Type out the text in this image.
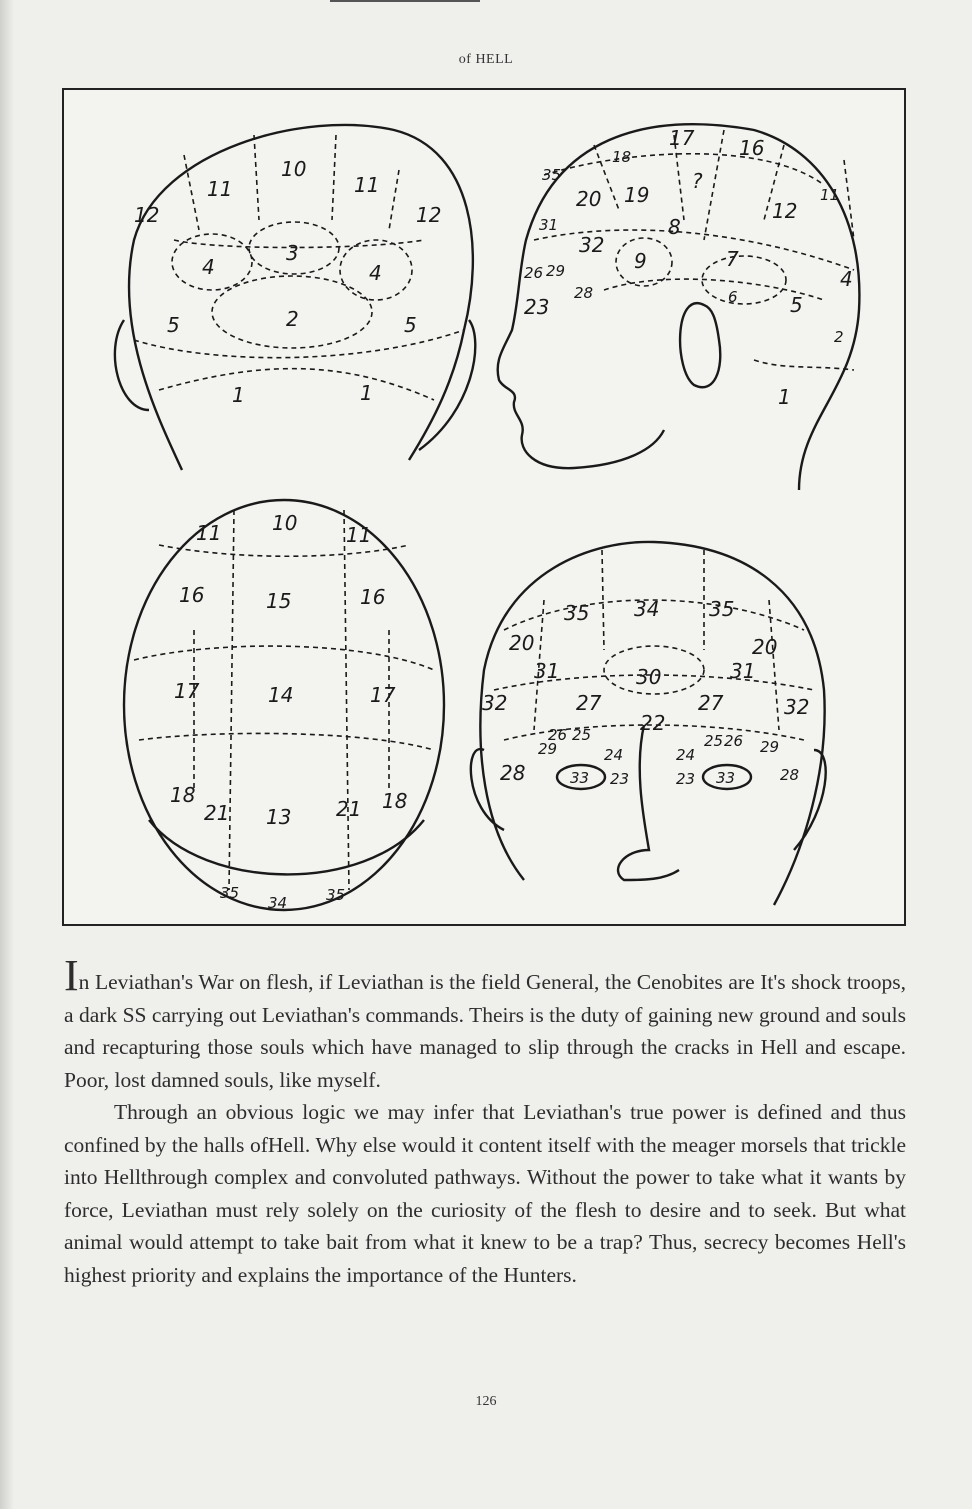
of HELL
10
11	11
12	12
3
4	4
2
5	5
1	1
17 16
18
35
20 19
?
12
11
31	8
32
9	7
4
26 29
28
23	6	5
2
1
10
11	11
16	15	16
17	14	17
18
21 13 21 18
35
34	35
35 34 35
20	20
31	30	31
32	27	27	32
22
26 25
24
25 26
29	29
28
24
23
33	23 33	28

In Leviathan's War on flesh, if Leviathan is the field General, the Cenobites are It's shock troops, a dark SS carrying out Leviathan's commands. Theirs is the duty of gaining new ground and souls and recapturing those souls which have managed to slip through the cracks in Hell and escape. Poor, lost damned souls, like myself.

Through an obvious logic we may infer that Leviathan's true power is defined and thus confined by the halls ofHell. Why else would it content itself with the meager morsels that trickle into Hellthrough complex and convoluted pathways. Without the power to take what it wants by force, Leviathan must rely solely on the curiosity of the flesh to desire and to seek. But what animal would attempt to take bait from what it knew to be a trap? Thus, secrecy becomes Hell's highest priority and explains the importance of the Hunters.

126
